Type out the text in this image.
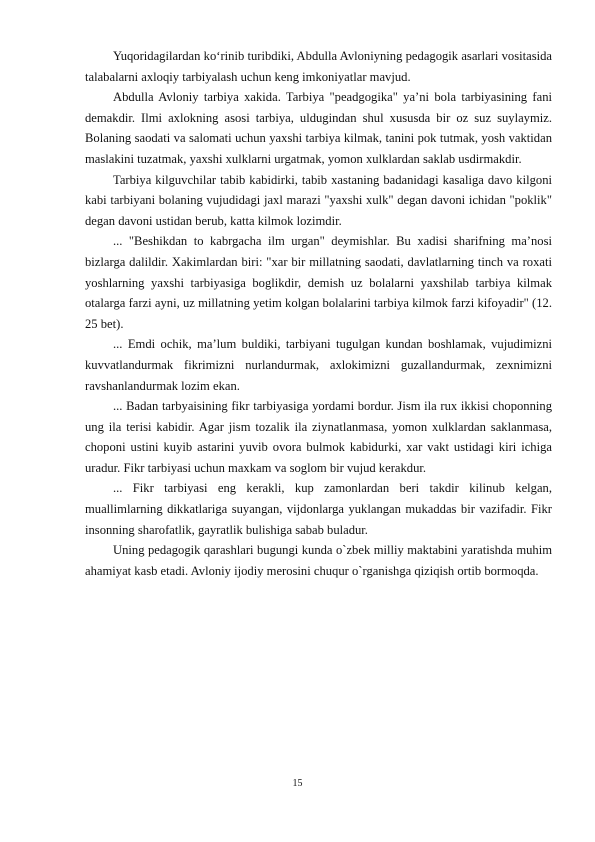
Yuqoridagilardan ko‘rinib turibdiki, Abdulla Avloniyning pedagogik asarlari vositasida talabalarni axloqiy tarbiyalash uchun keng imkoniyatlar mavjud.

Abdulla Avloniy tarbiya xakida. Tarbiya "peadgogika" ya’ni bola tarbiyasining fani demakdir. Ilmi axlokning asosi tarbiya, uldugindan shul xususda bir oz suz suylaymiz. Bolaning saodati va salomati uchun yaxshi tarbiya kilmak, tanini pok tutmak, yosh vaktidan maslakini tuzatmak, yaxshi xulklarni urgatmak, yomon xulklardan saklab usdirmakdir.

Tarbiya kilguvchilar tabib kabidirki, tabib xastaning badanidagi kasaliga davo kilgoni kabi tarbiyani bolaning vujudidagi jaxl marazi "yaxshi xulk" degan davoni ichidan "poklik" degan davoni ustidan berub, katta kilmok lozimdir.

... "Beshikdan to kabrgacha ilm urgan" deymishlar. Bu xadisi sharifning ma’nosi bizlarga dalildir. Xakimlardan biri: "xar bir millatning saodati, davlatlarning tinch va roxati yoshlarning yaxshi tarbiyasiga boglikdir, demish uz bolalarni yaxshilab tarbiya kilmak otalarga farzi ayni, uz millatning yetim kolgan bolalarini tarbiya kilmok farzi kifoyadir" (12. 25 bet).

... Emdi ochik, ma’lum buldiki, tarbiyani tugulgan kundan boshlamak, vujudimizni kuvvatlandurmak fikrimizni nurlandurmak, axlokimizni guzallandurmak, zexnimizni ravshanlandurmak lozim ekan.

... Badan tarbyaisining fikr tarbiyasiga yordami bordur. Jism ila rux ikkisi choponning ung ila terisi kabidir. Agar jism tozalik ila ziynatlanmasa, yomon xulklardan saklanmasa, choponi ustini kuyib astarini yuvib ovora bulmok kabidurki, xar vakt ustidagi kiri ichiga uradur. Fikr tarbiyasi uchun maxkam va soglom bir vujud kerakdur.

... Fikr tarbiyasi eng kerakli, kup zamonlardan beri takdir kilinub kelgan, muallimlarning dikkatlariga suyangan, vijdonlarga yuklangan mukaddas bir vazifadir. Fikr insonning sharofatlik, gayratlik bulishiga sabab buladur.

Uning pedagogik qarashlari bugungi kunda o`zbek milliy maktabini yaratishda muhim ahamiyat kasb etadi. Avloniy ijodiy merosini chuqur o`rganishga qiziqish ortib bormoqda.

15
